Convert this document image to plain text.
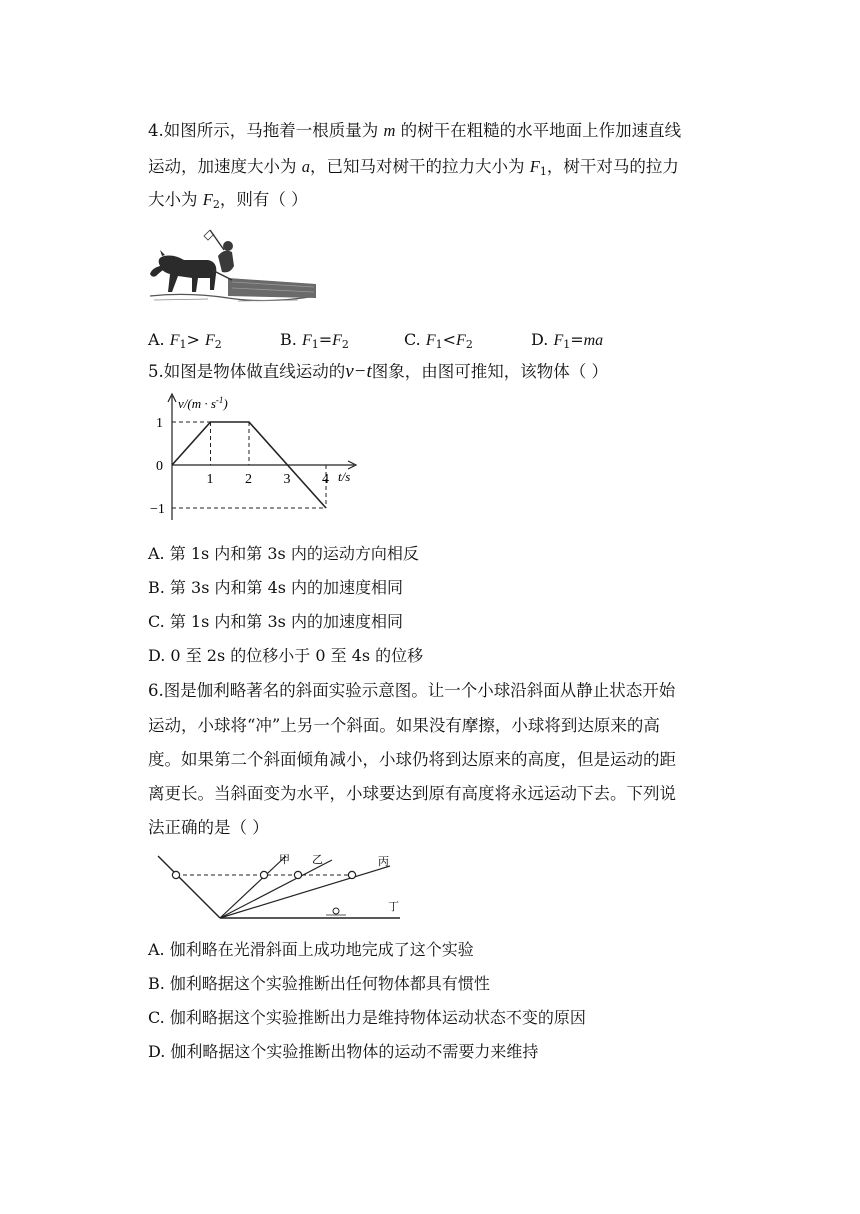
4.如图所示，马拖着一根质量为 m 的树干在粗糙的水平地面上作加速直线
运动，加速度大小为 a，已知马对树干的拉力大小为 $F_1$，树干对马的拉力
大小为 $F_2$，则有（ ）
A. $F_1> F_2$	B. $F_1=F_2$	C. $F_1<F_2$	D. $F_1=ma$
5.如图是物体做直线运动的v−t图象，由图可推知，该物体（ ）
1
0
−1
1 2 3 4
$v/(m \cdot s^{-1})$
t/s
A. 第 1s 内和第 3s 内的运动方向相反
B. 第 3s 内和第 4s 内的加速度相同
C. 第 1s 内和第 3s 内的加速度相同
D. 0 至 2s 的位移小于 0 至 4s 的位移
6.图是伽利略著名的斜面实验示意图。让一个小球沿斜面从静止状态开始
运动，小球将“冲”上另一个斜面。如果没有摩擦，小球将到达原来的高
度。如果第二个斜面倾角减小，小球仍将到达原来的高度，但是运动的距
离更长。当斜面变为水平，小球要达到原有高度将永远运动下去。下列说
法正确的是（ ）
甲 乙	丙
丁
A. 伽利略在光滑斜面上成功地完成了这个实验
B. 伽利略据这个实验推断出任何物体都具有惯性
C. 伽利略据这个实验推断出力是维持物体运动状态不变的原因
D. 伽利略据这个实验推断出物体的运动不需要力来维持
